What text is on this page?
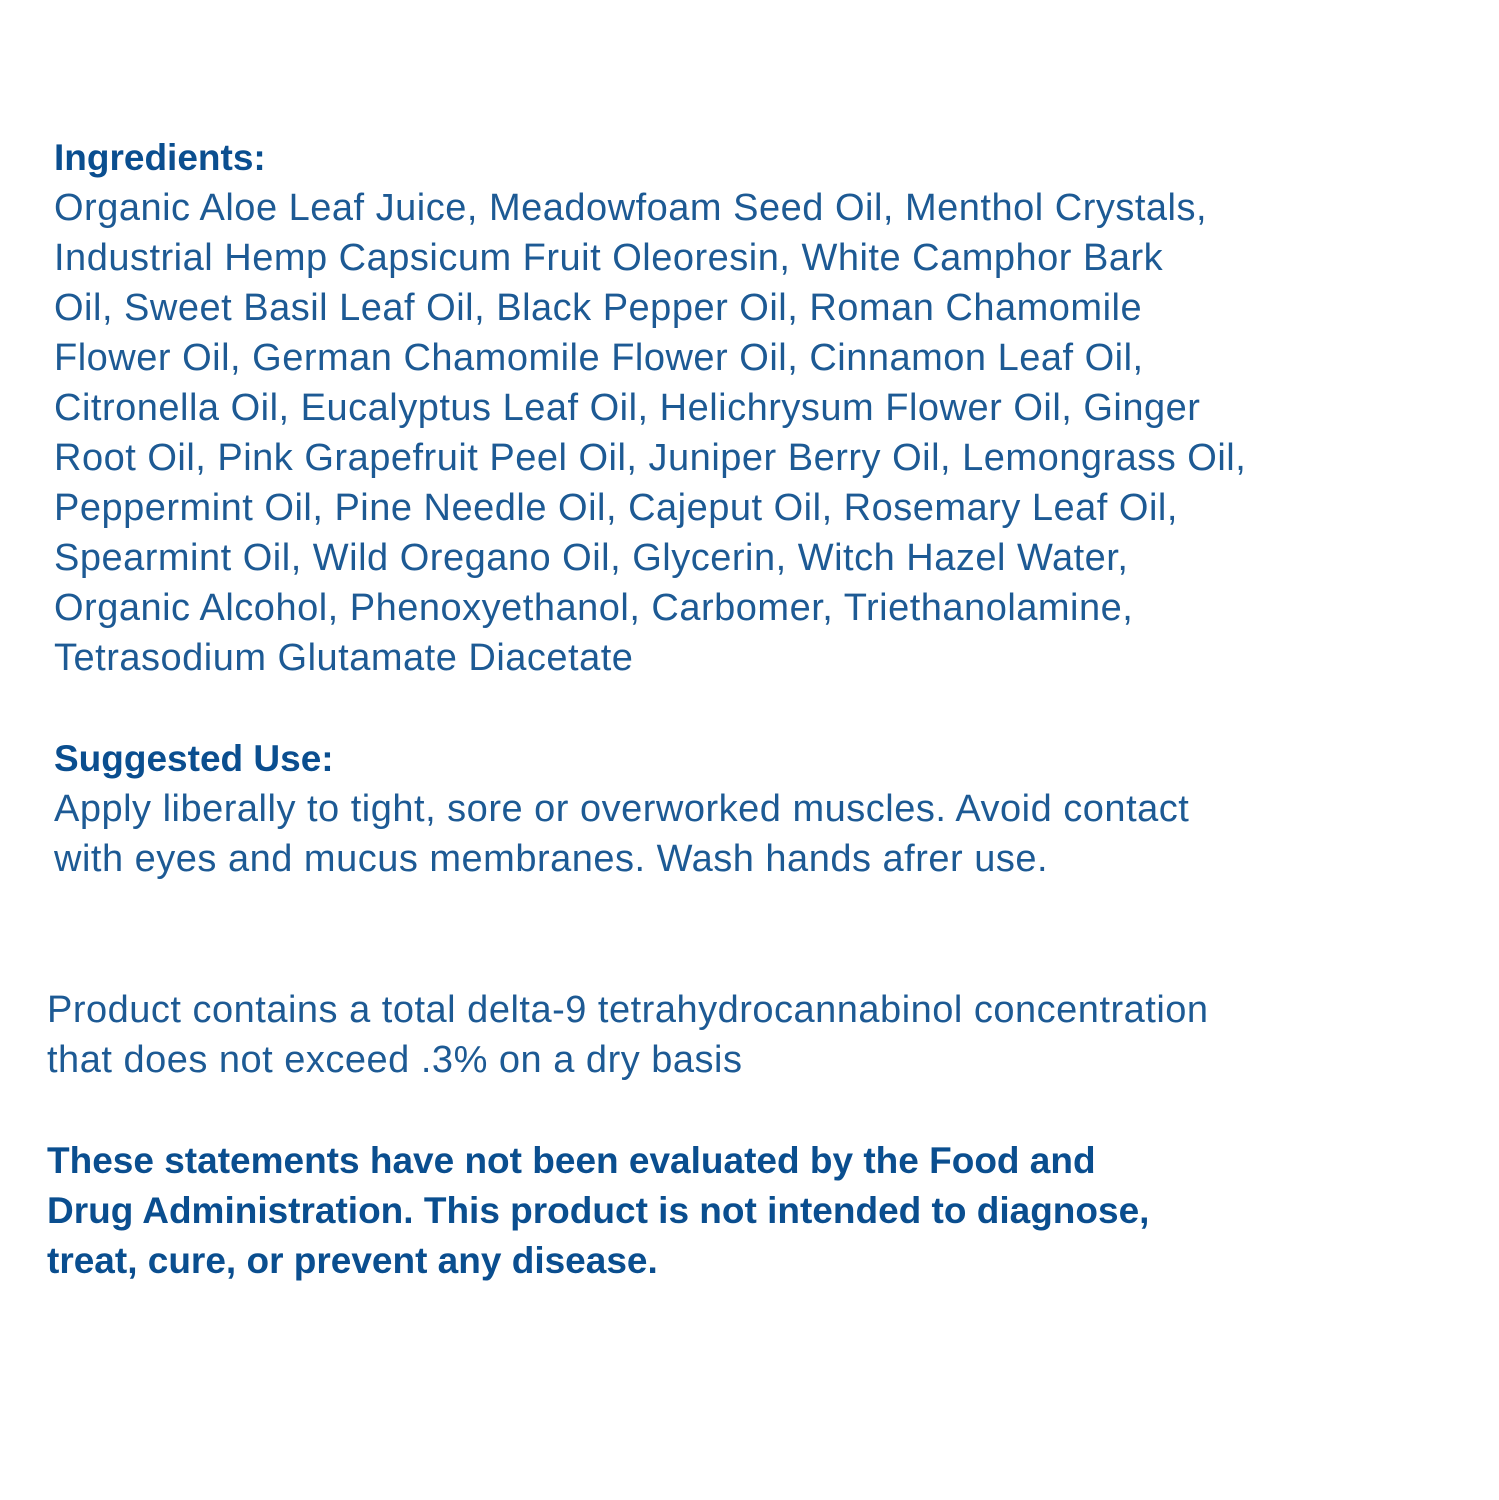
Ingredients:
Organic Aloe Leaf Juice, Meadowfoam Seed Oil, Menthol Crystals,
Industrial Hemp Capsicum Fruit Oleoresin, White Camphor Bark
Oil, Sweet Basil Leaf Oil, Black Pepper Oil, Roman Chamomile
Flower Oil, German Chamomile Flower Oil, Cinnamon Leaf Oil,
Citronella Oil, Eucalyptus Leaf Oil, Helichrysum Flower Oil, Ginger
Root Oil, Pink Grapefruit Peel Oil, Juniper Berry Oil, Lemongrass Oil,
Peppermint Oil, Pine Needle Oil, Cajeput Oil, Rosemary Leaf Oil,
Spearmint Oil, Wild Oregano Oil, Glycerin, Witch Hazel Water,
Organic Alcohol, Phenoxyethanol, Carbomer, Triethanolamine,
Tetrasodium Glutamate Diacetate
Suggested Use:
Apply liberally to tight, sore or overworked muscles. Avoid contact
with eyes and mucus membranes. Wash hands afrer use.
Product contains a total delta-9 tetrahydrocannabinol concentration
that does not exceed .3% on a dry basis
These statements have not been evaluated by the Food and
Drug Administration. This product is not intended to diagnose,
treat, cure, or prevent any disease.
